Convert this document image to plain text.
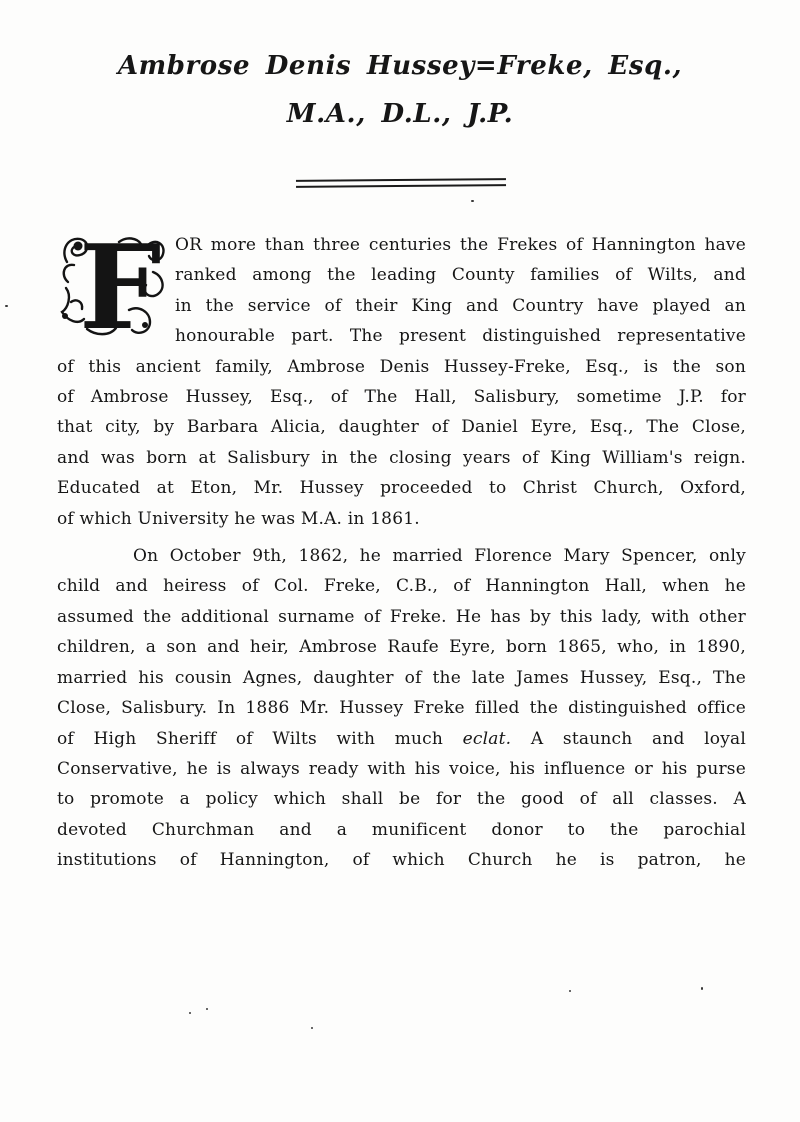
Ambrose Denis Hussey=Freke, Esq.,
M.A., D.L., J.P.
F OR more than three centuries the Frekes of Hannington have
ranked among the leading County families of Wilts, and
in the service of their King and Country have played an
honourable part. The present distinguished representative
of this ancient family, Ambrose Denis Hussey-Freke, Esq., is the son
of Ambrose Hussey, Esq., of The Hall, Salisbury, sometime J.P. for
that city, by Barbara Alicia, daughter of Daniel Eyre, Esq., The Close,
and was born at Salisbury in the closing years of King William's reign.
Educated at Eton, Mr. Hussey proceeded to Christ Church, Oxford,
of which University he was M.A. in 1861.
On October 9th, 1862, he married Florence Mary Spencer, only
child and heiress of Col. Freke, C.B., of Hannington Hall, when he
assumed the additional surname of Freke. He has by this lady, with other
children, a son and heir, Ambrose Raufe Eyre, born 1865, who, in 1890,
married his cousin Agnes, daughter of the late James Hussey, Esq., The
Close, Salisbury. In 1886 Mr. Hussey Freke filled the distinguished office
of High Sheriff of Wilts with much eclat. A staunch and loyal
Conservative, he is always ready with his voice, his influence or his purse
to promote a policy which shall be for the good of all classes. A
devoted Churchman and a munificent donor to the parochial
institutions of Hannington, of which Church he is patron, he
